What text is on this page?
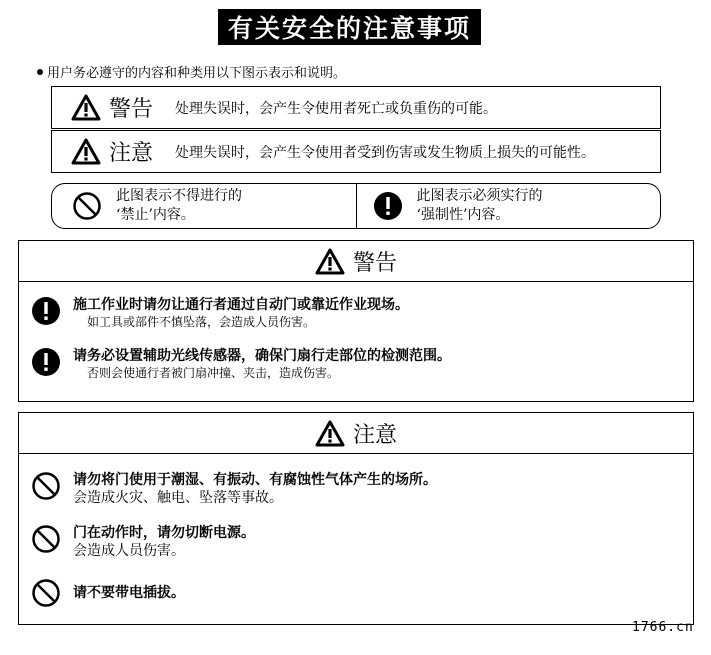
有关安全的注意事项
用户务必遵守的内容和种类用以下图示表示和说明。
警告	处理失误时，会产生令使用者死亡或负重伤的可能。
注意	处理失误时，会产生令使用者受到伤害或发生物质上损失的可能性。
此图表示不得进行的
‘禁止’内容。
此图表示必须实行的
‘强制性’内容。
警告
施工作业时请勿让通行者通过自动门或靠近作业现场。
如工具或部件不慎坠落，会造成人员伤害。
请务必设置辅助光线传感器，确保门扇行走部位的检测范围。
否则会使通行者被门扇冲撞、夹击，造成伤害。
注意
请勿将门使用于潮湿、有振动、有腐蚀性气体产生的场所。
会造成火灾、触电、坠落等事故。
门在动作时，请勿切断电源。
会造成人员伤害。
请不要带电插拔。
1766.cn
